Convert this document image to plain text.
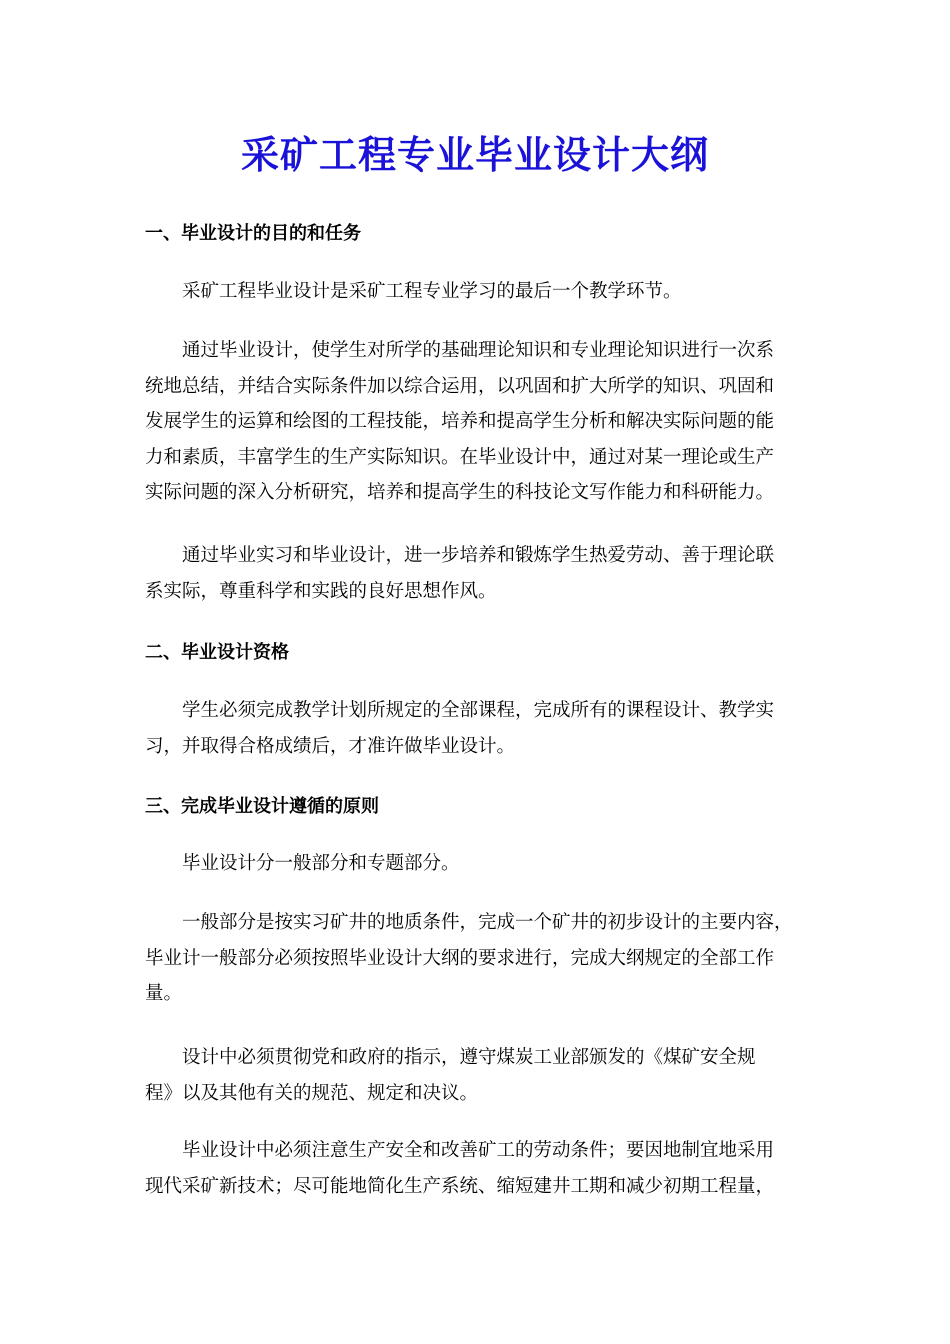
采矿工程专业毕业设计大纲
一、毕业设计的目的和任务
采矿工程毕业设计是采矿工程专业学习的最后一个教学环节。
通过毕业设计，使学生对所学的基础理论知识和专业理论知识进行一次系
统地总结，并结合实际条件加以综合运用，以巩固和扩大所学的知识、巩固和
发展学生的运算和绘图的工程技能，培养和提高学生分析和解决实际问题的能
力和素质，丰富学生的生产实际知识。在毕业设计中，通过对某一理论或生产
实际问题的深入分析研究，培养和提高学生的科技论文写作能力和科研能力。
通过毕业实习和毕业设计，进一步培养和锻炼学生热爱劳动、善于理论联
系实际，尊重科学和实践的良好思想作风。
二、毕业设计资格
学生必须完成教学计划所规定的全部课程，完成所有的课程设计、教学实
习，并取得合格成绩后，才准许做毕业设计。
三、完成毕业设计遵循的原则
毕业设计分一般部分和专题部分。
一般部分是按实习矿井的地质条件，完成一个矿井的初步设计的主要内容，
毕业计一般部分必须按照毕业设计大纲的要求进行，完成大纲规定的全部工作
量。
设计中必须贯彻党和政府的指示，遵守煤炭工业部颁发的《煤矿安全规
程》以及其他有关的规范、规定和决议。
毕业设计中必须注意生产安全和改善矿工的劳动条件；要因地制宜地采用
现代采矿新技术；尽可能地简化生产系统、缩短建井工期和减少初期工程量，
